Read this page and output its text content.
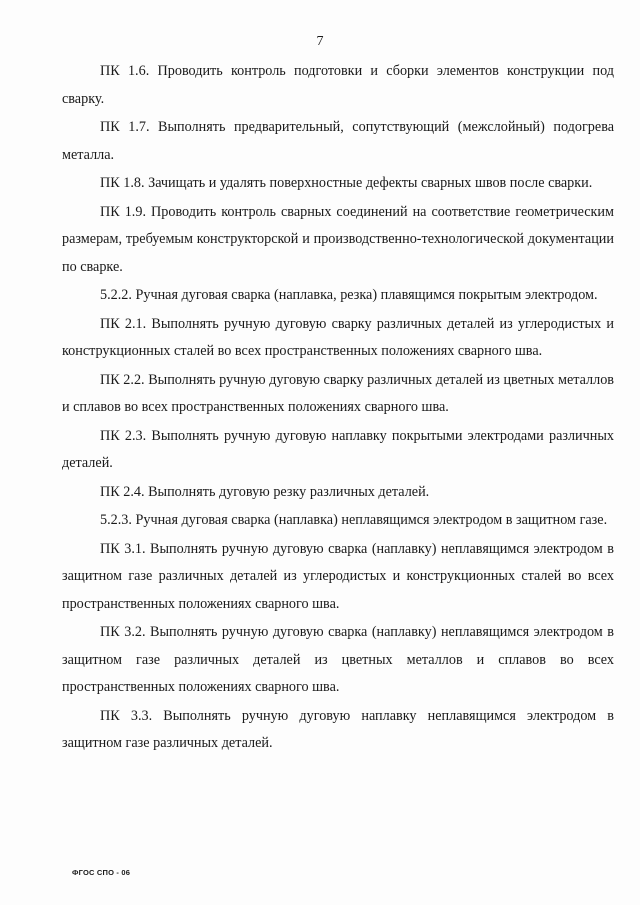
7

ПК 1.6. Проводить контроль подготовки и сборки элементов конструкции под сварку.

ПК 1.7. Выполнять предварительный, сопутствующий (межслойный) подогрева металла.

ПК 1.8. Зачищать и удалять поверхностные дефекты сварных швов после сварки.

ПК 1.9. Проводить контроль сварных соединений на соответствие геометрическим размерам, требуемым конструкторской и производственно-технологической документации по сварке.

5.2.2. Ручная дуговая сварка (наплавка, резка) плавящимся покрытым электродом.

ПК 2.1. Выполнять ручную дуговую сварку различных деталей из углеродистых и конструкционных сталей во всех пространственных положениях сварного шва.

ПК 2.2. Выполнять ручную дуговую сварку различных деталей из цветных металлов и сплавов во всех пространственных положениях сварного шва.

ПК 2.3. Выполнять ручную дуговую наплавку покрытыми электродами различных деталей.

ПК 2.4. Выполнять дуговую резку различных деталей.

5.2.3. Ручная дуговая сварка (наплавка) неплавящимся электродом в защитном газе.

ПК 3.1. Выполнять ручную дуговую сварка (наплавку) неплавящимся электродом в защитном газе различных деталей из углеродистых и конструкционных сталей во всех пространственных положениях сварного шва.

ПК 3.2. Выполнять ручную дуговую сварка (наплавку) неплавящимся электродом в защитном газе различных деталей из цветных металлов и сплавов во всех пространственных положениях сварного шва.

ПК 3.3. Выполнять ручную дуговую наплавку неплавящимся электродом в защитном газе различных деталей.

ФГОС СПО - 06
